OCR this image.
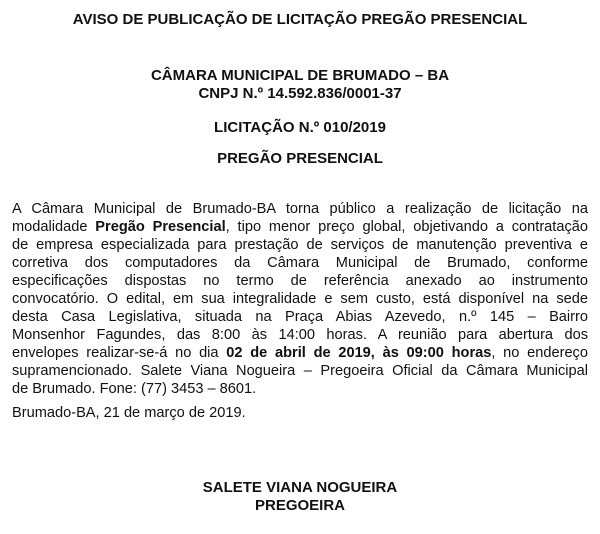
AVISO DE PUBLICAÇÃO DE LICITAÇÃO PREGÃO PRESENCIAL
CÂMARA MUNICIPAL DE BRUMADO – BA
CNPJ N.º 14.592.836/0001-37
LICITAÇÃO N.º 010/2019
PREGÃO PRESENCIAL
A Câmara Municipal de Brumado-BA torna público a realização de licitação na
modalidade Pregão Presencial, tipo menor preço global, objetivando a contratação
de empresa especializada para prestação de serviços de manutenção preventiva e
corretiva dos computadores da Câmara Municipal de Brumado, conforme
especificações dispostas no termo de referência anexado ao instrumento
convocatório. O edital, em sua integralidade e sem custo, está disponível na sede
desta Casa Legislativa, situada na Praça Abias Azevedo, n.º 145 – Bairro
Monsenhor Fagundes, das 8:00 às 14:00 horas. A reunião para abertura dos
envelopes realizar-se-á no dia 02 de abril de 2019, às 09:00 horas, no endereço
supramencionado. Salete Viana Nogueira – Pregoeira Oficial da Câmara Municipal
de Brumado. Fone: (77) 3453 – 8601.
Brumado-BA, 21 de março de 2019.
SALETE VIANA NOGUEIRA
PREGOEIRA
